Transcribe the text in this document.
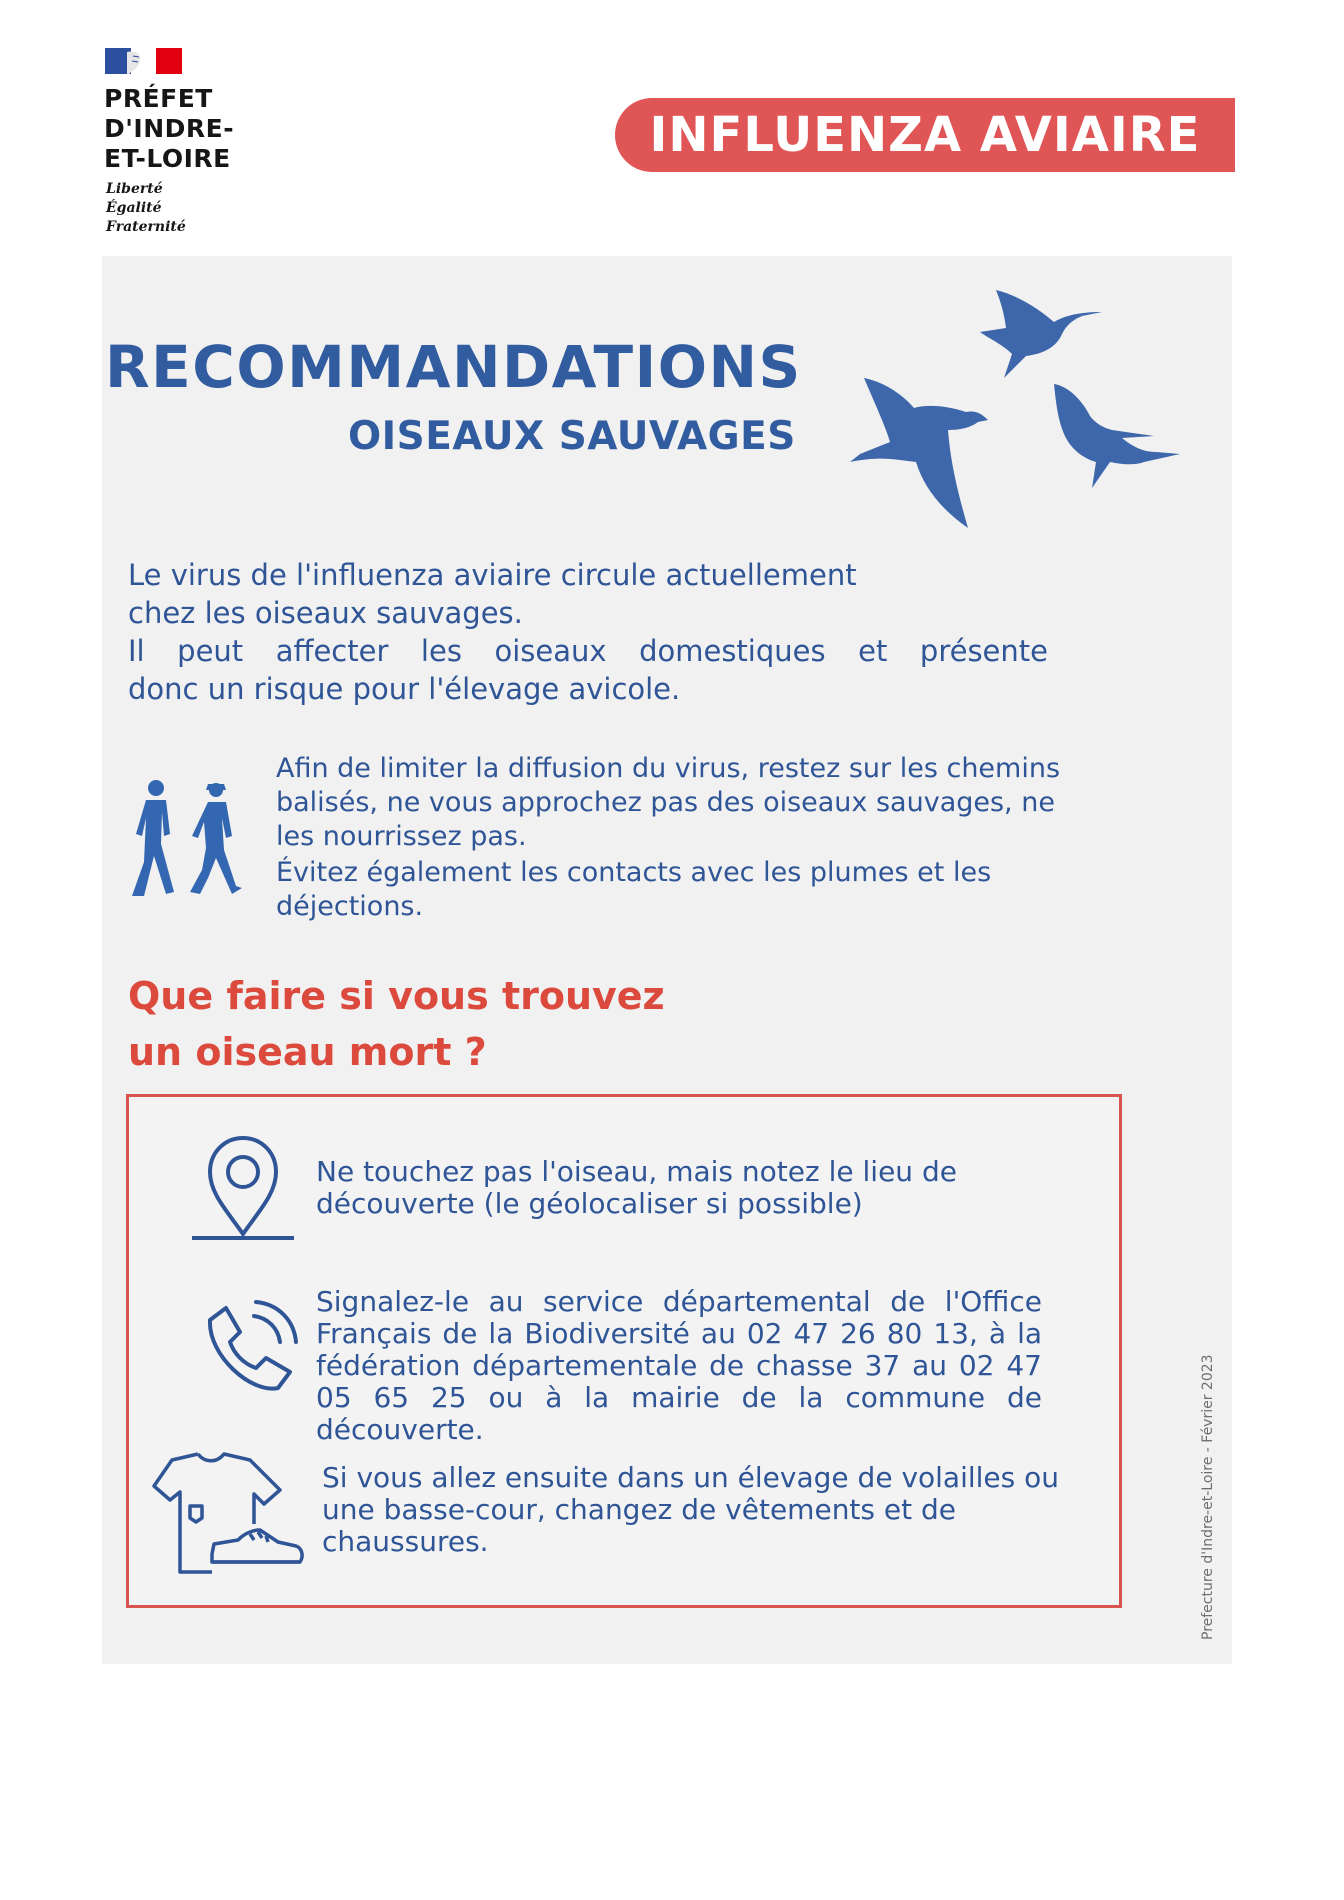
PRÉFET
D'INDRE-
ET-LOIRE
Liberté
Égalité
Fraternité
INFLUENZA AVIAIRE
RECOMMANDATIONS
OISEAUX SAUVAGES

Le virus de l'influenza aviaire circule actuellement

chez les oiseaux sauvages.

Il peut affecter les oiseaux domestiques et présente

donc un risque pour l'élevage avicole.

Afin de limiter la diffusion du virus, restez sur les chemins balisés, ne vous approchez pas des oiseaux sauvages, ne les nourrissez pas.

Évitez également les contacts avec les plumes et les déjections.

Que faire si vous trouvez
un oiseau mort ?
Ne touchez pas l'oiseau, mais notez le lieu de découverte (le géolocaliser si possible)
Signalez-le au service départemental de l'Office Français de la Biodiversité au 02 47 26 80 13, à la fédération départementale de chasse 37 au 02 47 05 65 25 ou à la mairie de la commune de découverte.
Si vous allez ensuite dans un élevage de volailles ou une basse-cour, changez de vêtements et de chaussures.	Prefecture d'Indre-et-Loire - Février 2023
